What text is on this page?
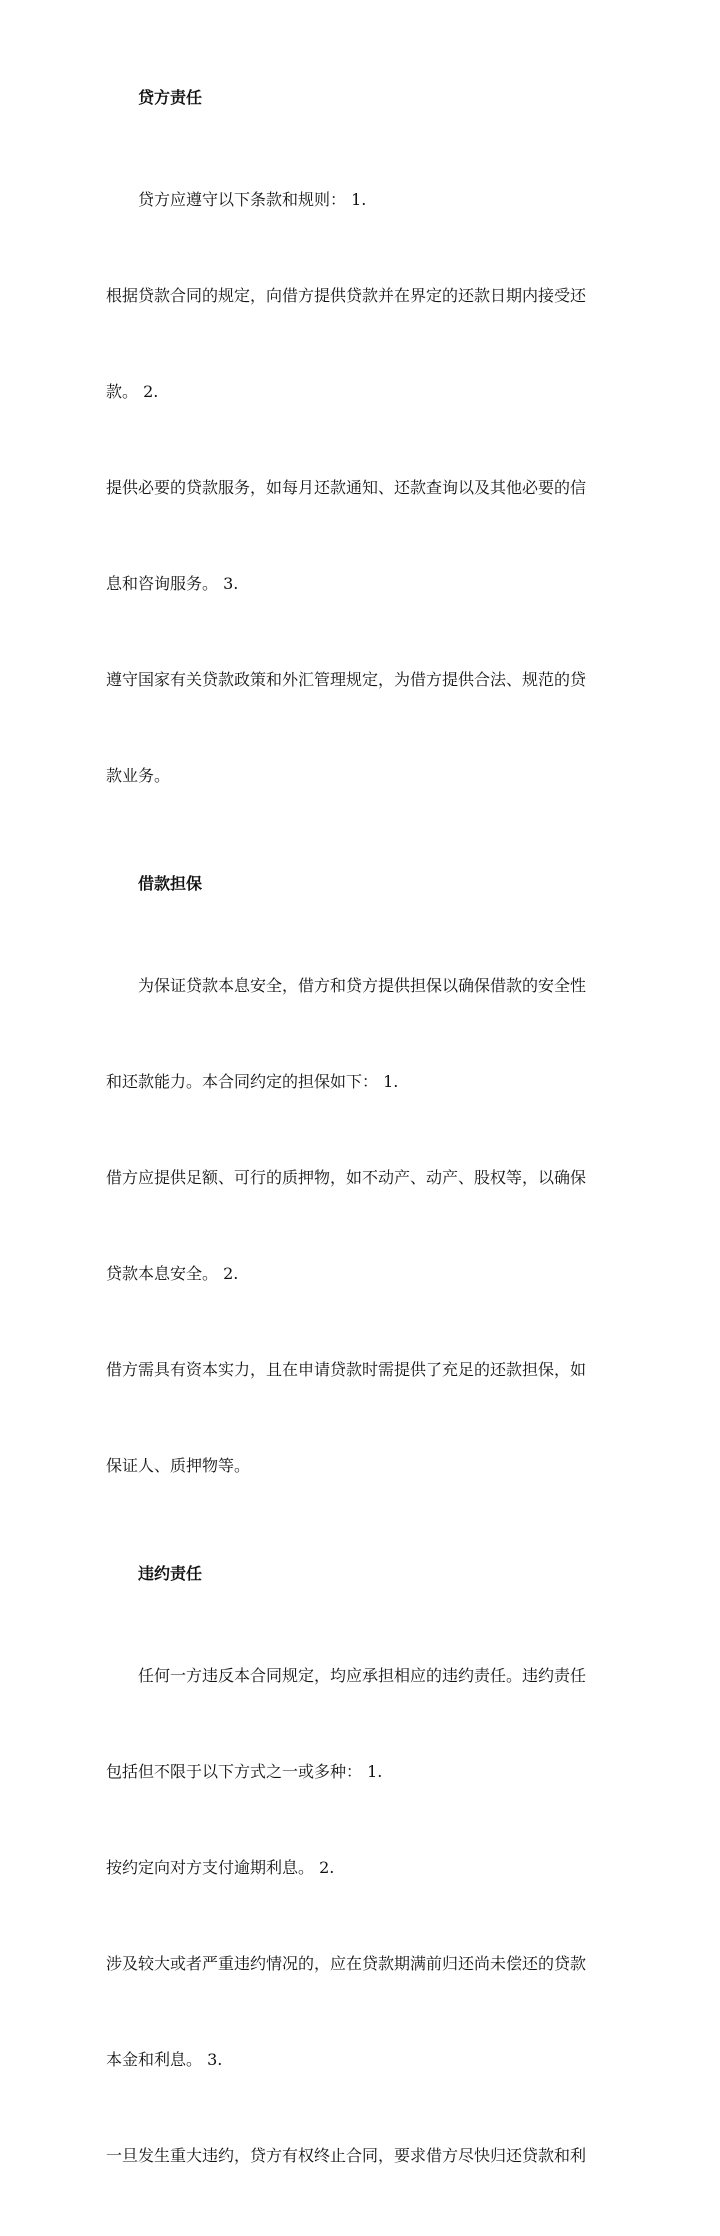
贷方责任

贷方应遵守以下条款和规则： 1.

根据贷款合同的规定，向借方提供贷款并在界定的还款日期内接受还

款。 2.

提供必要的贷款服务，如每月还款通知、还款查询以及其他必要的信

息和咨询服务。 3.

遵守国家有关贷款政策和外汇管理规定，为借方提供合法、规范的贷

款业务。

借款担保

为保证贷款本息安全，借方和贷方提供担保以确保借款的安全性

和还款能力。本合同约定的担保如下： 1.

借方应提供足额、可行的质押物，如不动产、动产、股权等，以确保

贷款本息安全。 2.

借方需具有资本实力，且在申请贷款时需提供了充足的还款担保，如

保证人、质押物等。

违约责任

任何一方违反本合同规定，均应承担相应的违约责任。违约责任

包括但不限于以下方式之一或多种： 1.

按约定向对方支付逾期利息。 2.

涉及较大或者严重违约情况的，应在贷款期满前归还尚未偿还的贷款

本金和利息。 3.

一旦发生重大违约，贷方有权终止合同，要求借方尽快归还贷款和利
